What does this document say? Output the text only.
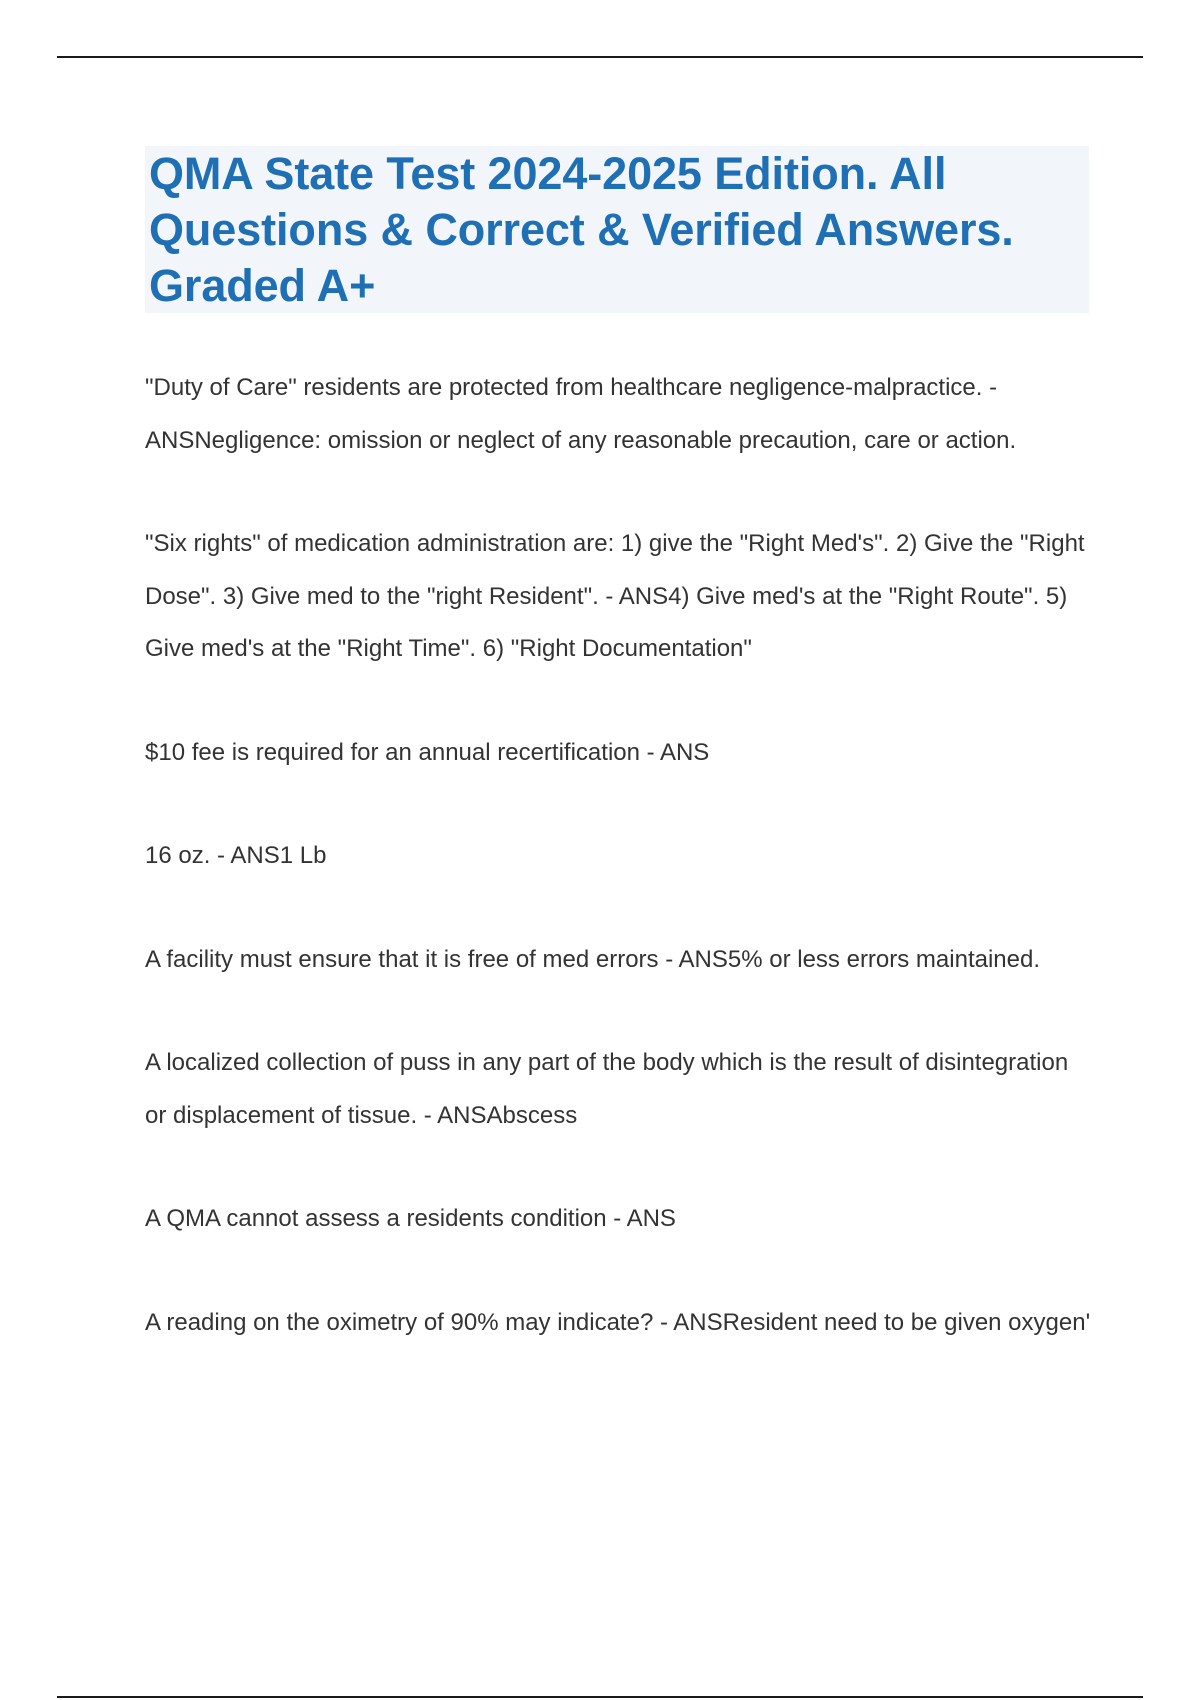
QMA State Test 2024-2025 Edition. All Questions & Correct & Verified Answers. Graded A+

"Duty of Care" residents are protected from healthcare negligence-malpractice. - ANSNegligence: omission or neglect of any reasonable precaution, care or action.

"Six rights" of medication administration are: 1) give the "Right Med's". 2) Give the "Right Dose". 3) Give med to the "right Resident". - ANS4) Give med's at the "Right Route". 5) Give med's at the "Right Time". 6) "Right Documentation"

$10 fee is required for an annual recertification - ANS

16 oz. - ANS1 Lb

A facility must ensure that it is free of med errors - ANS5% or less errors maintained.

A localized collection of puss in any part of the body which is the result of disintegration or displacement of tissue. - ANSAbscess

A QMA cannot assess a residents condition - ANS

A reading on the oximetry of 90% may indicate? - ANSResident need to be given oxygen'
